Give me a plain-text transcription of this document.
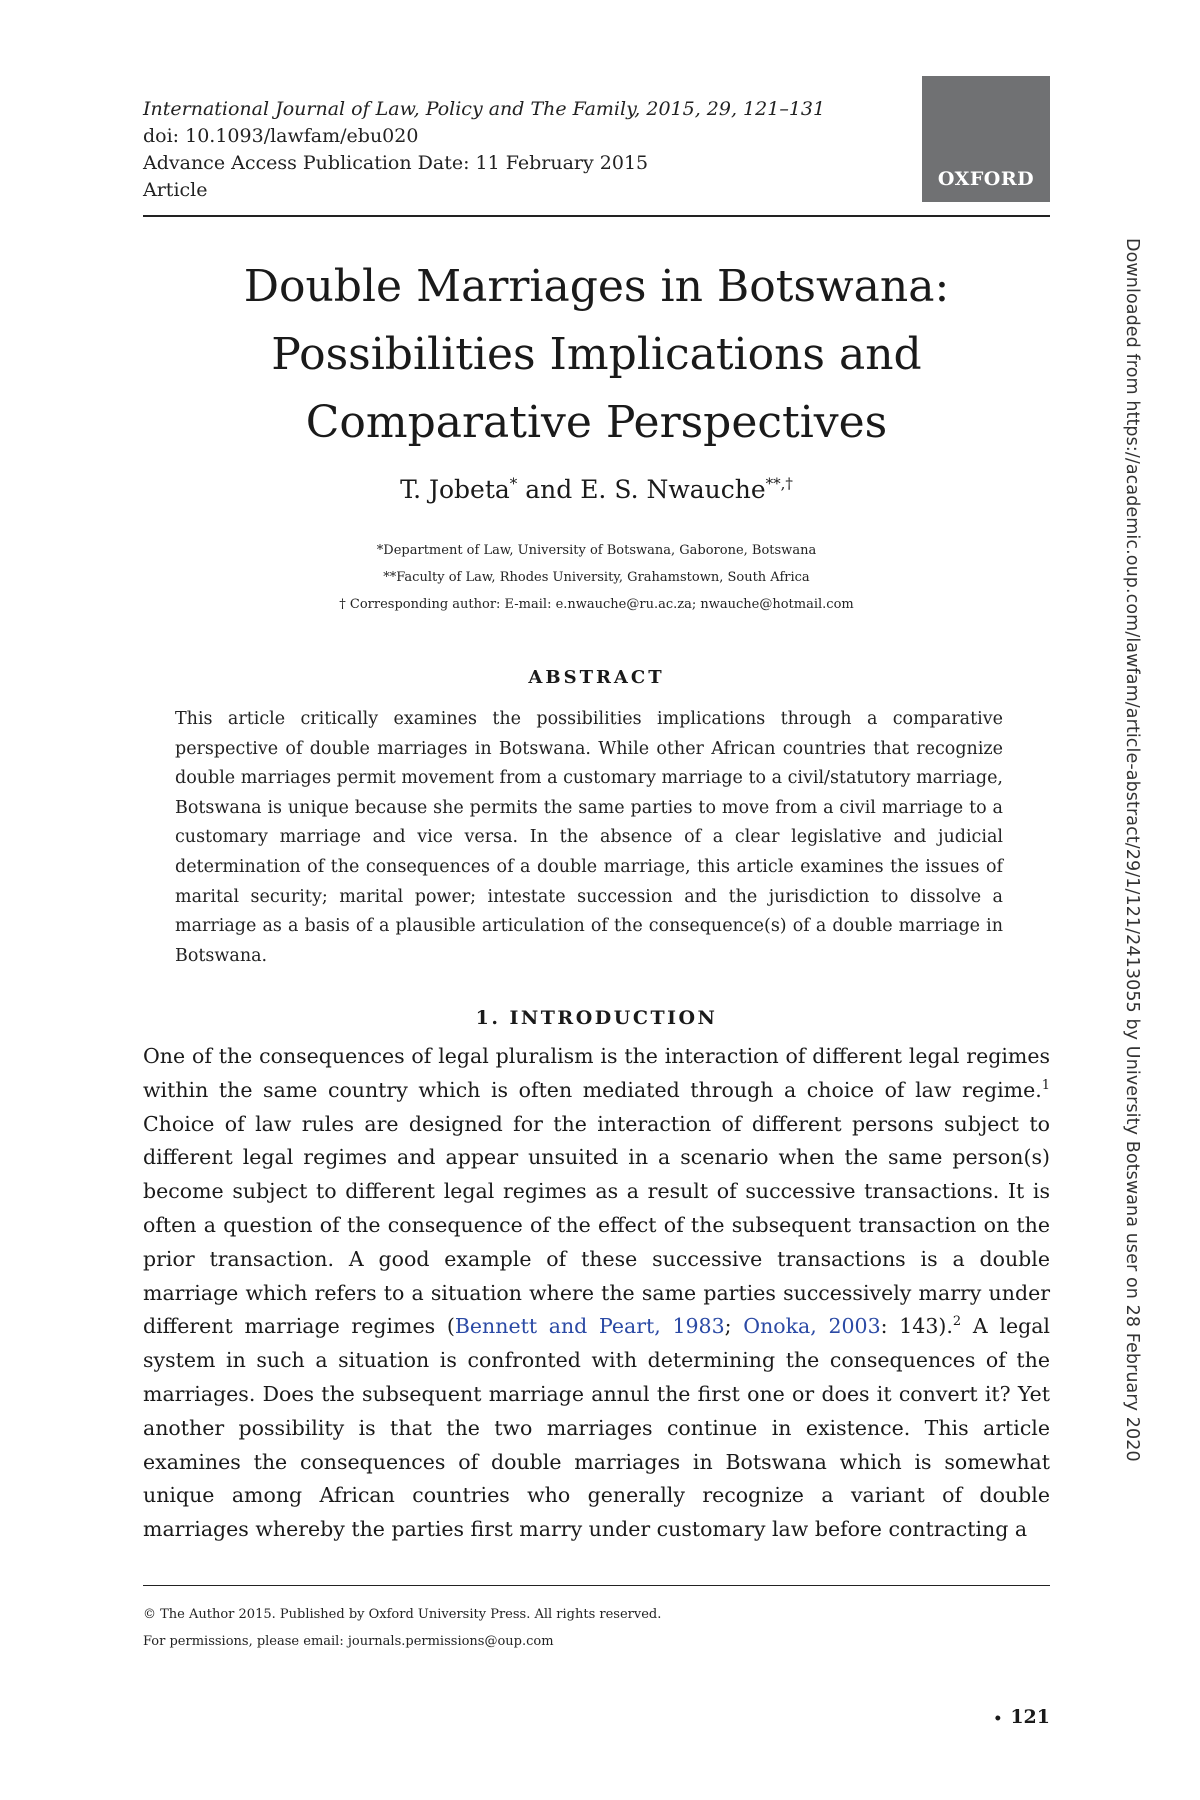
International Journal of Law, Policy and The Family, 2015, 29, 121–131
doi: 10.1093/lawfam/ebu020
Advance Access Publication Date: 11 February 2015
Article	OXFORD
Double Marriages in Botswana:
Possibilities Implications and
Comparative Perspectives
T. Jobeta* and E. S. Nwauche**,†
*Department of Law, University of Botswana, Gaborone, Botswana
**Faculty of Law, Rhodes University, Grahamstown, South Africa
† Corresponding author: E-mail: e.nwauche@ru.ac.za; nwauche@hotmail.com
ABSTRACT
This article critically examines the possibilities implications through a comparative perspective of double marriages in Botswana. While other African countries that recognize double marriages permit movement from a customary marriage to a civil/statutory marriage, Botswana is unique because she permits the same parties to move from a civil marriage to a customary marriage and vice versa. In the absence of a clear legislative and judicial determination of the consequences of a double marriage, this article examines the issues of marital security; marital power; intestate succession and the jurisdiction to dissolve a marriage as a basis of a plausible articulation of the consequence(s) of a double marriage in Botswana.
1. INTRODUCTION
One of the consequences of legal pluralism is the interaction of different legal regimes within the same country which is often mediated through a choice of law regime.$^1$ Choice of law rules are designed for the interaction of different persons subject to different legal regimes and appear unsuited in a scenario when the same person(s) become subject to different legal regimes as a result of successive transactions. It is often a question of the consequence of the effect of the subsequent transaction on the prior transaction. A good example of these successive transactions is a double marriage which refers to a situation where the same parties successively marry under different marriage regimes (Bennett and Peart, 1983; Onoka, 2003: 143).$^2$ A legal system in such a situation is confronted with determining the consequences of the marriages. Does the subsequent marriage annul the first one or does it convert it? Yet another possibility is that the two marriages continue in existence. This article examines the consequences of double marriages in Botswana which is somewhat unique among African countries who generally recognize a variant of double marriages whereby the parties first marry under customary law before contracting a
© The Author 2015. Published by Oxford University Press. All rights reserved.
For permissions, please email: journals.permissions@oup.com
• 121
Downloaded from https://academic.oup.com/lawfam/article-abstract/29/1/121/2413055 by University Botswana user on 28 February 2020
